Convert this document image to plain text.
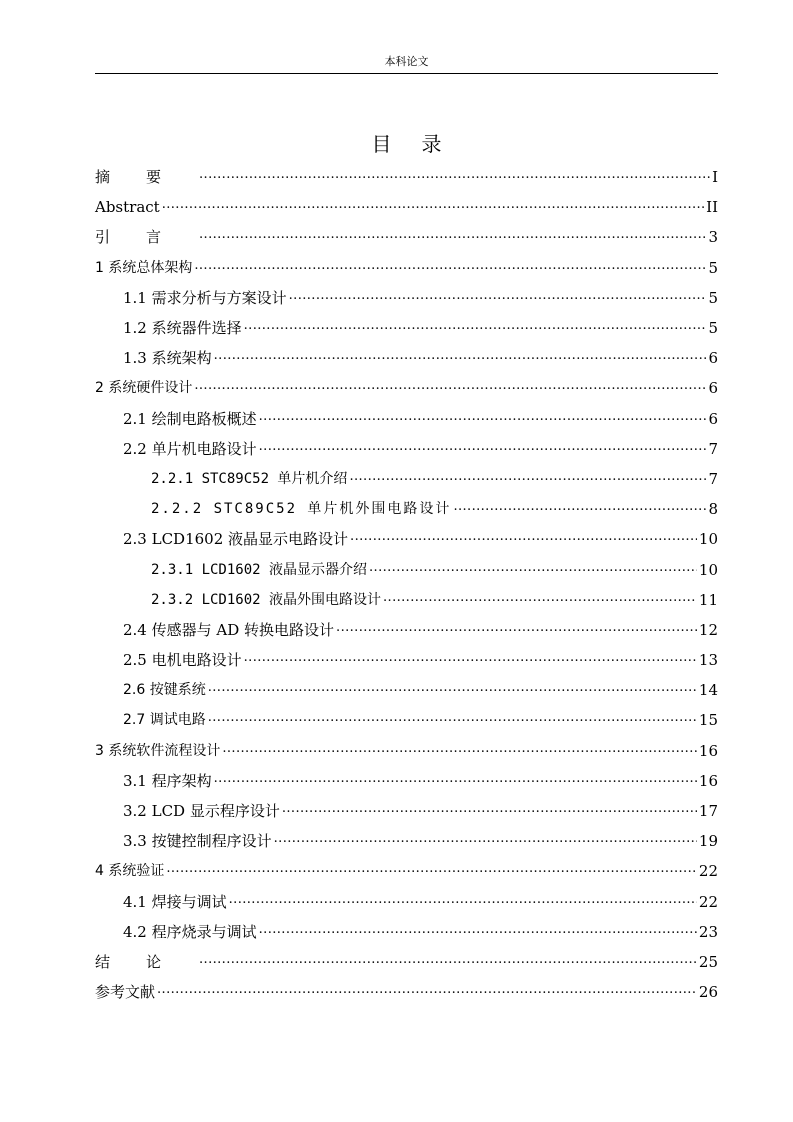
本科论文
目录
摘要 .....	I
Abstract .....	II
引言 .....	3
1 系统总体架构 .....	5
1.1 需求分析与方案设计 .....	5
1.2 系统器件选择 .....	5
1.3 系统架构 .....	6
2 系统硬件设计 .....	6
2.1 绘制电路板概述 .....	6
2.2 单片机电路设计 .....	7
2.2.1 STC89C52 单片机介绍 .....	7
2.2.2 STC89C52 单片机外围电路设计 .....	8
2.3 LCD1602 液晶显示电路设计 .....	10
2.3.1 LCD1602 液晶显示器介绍 .....	10
2.3.2 LCD1602 液晶外围电路设计 .....	11
2.4 传感器与 AD 转换电路设计 .....	12
2.5 电机电路设计 .....	13
2.6 按键系统 .....	14
2.7 调试电路 .....	15
3 系统软件流程设计 .....	16
3.1 程序架构 .....	16
3.2 LCD 显示程序设计 .....	17
3.3 按键控制程序设计 .....	19
4 系统验证 .....	22
4.1 焊接与调试 .....	22
4.2 程序烧录与调试 .....	23
结论 .....	25
参考文献 .....	26
